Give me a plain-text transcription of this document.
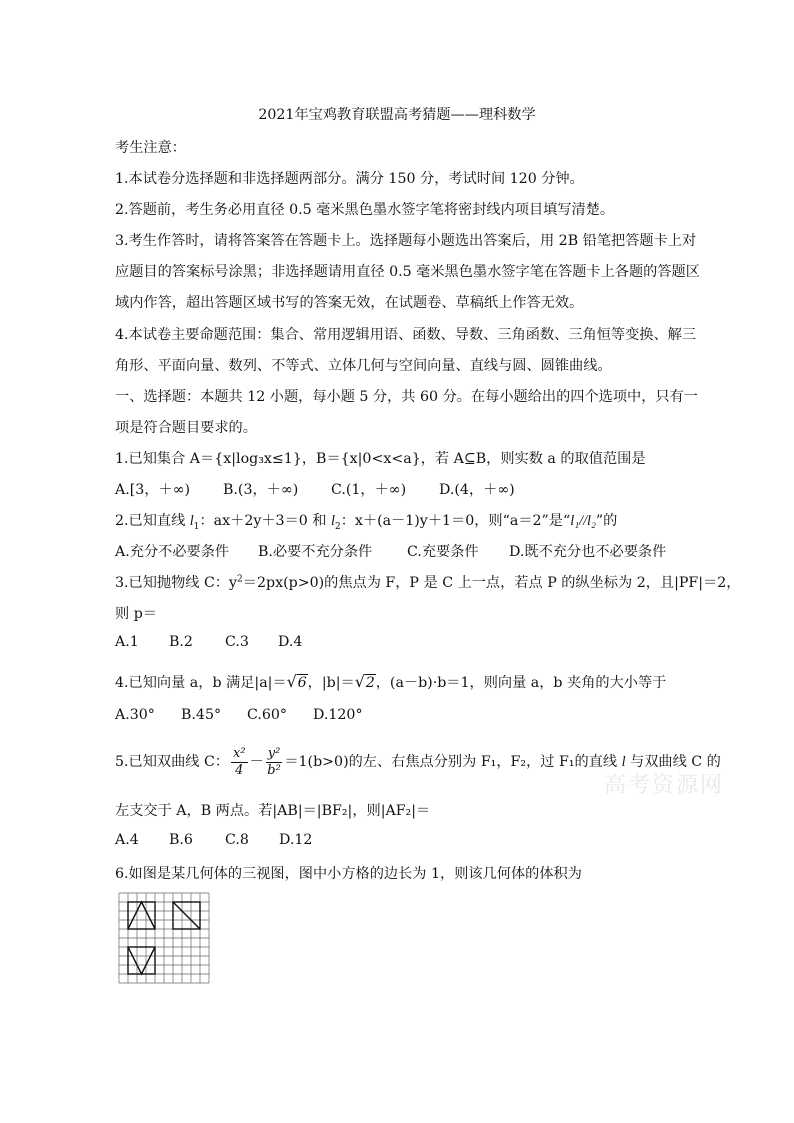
2021年宝鸡教育联盟高考猜题——理科数学
考生注意：
1.本试卷分选择题和非选择题两部分。满分 150 分，考试时间 120 分钟。
2.答题前，考生务必用直径 0.5 毫米黑色墨水签字笔将密封线内项目填写清楚。
3.考生作答时，请将答案答在答题卡上。选择题每小题选出答案后，用 2B 铅笔把答题卡上对
应题目的答案标号涂黑；非选择题请用直径 0.5 毫米黑色墨水签字笔在答题卡上各题的答题区
域内作答，超出答题区域书写的答案无效，在试题卷、草稿纸上作答无效。
4.本试卷主要命题范围：集合、常用逻辑用语、函数、导数、三角函数、三角恒等变换、解三
角形、平面向量、数列、不等式、立体几何与空间向量、直线与圆、圆锥曲线。
一、选择题：本题共 12 小题，每小题 5 分，共 60 分。在每小题给出的四个选项中，只有一
项是符合题目要求的。
1.已知集合 A＝{x|log₃x≤1}，B＝{x|0<x<a}，若 A⊆B，则实数 a 的取值范围是
A.[3，＋∞) B.(3，＋∞) C.(1，＋∞) D.(4，＋∞)
2.已知直线 $l_1$：ax＋2y＋3＝0 和 $l_2$：x＋(a－1)y＋1＝0，则“a＝2”是“l₁//l₂”的
A.充分不必要条件 B.必要不充分条件 C.充要条件 D.既不充分也不必要条件
3.已知抛物线 C：$y^2=2px(p>0)$的焦点为 F，P 是 C 上一点，若点 P 的纵坐标为 2，且|PF|＝2，
则 p＝
A.1 B.2 C.3 D.4
4.已知向量 a，b 满足|a|＝ √ 6，|b|＝ √ 2，(a－b)·b＝1，则向量 a，b 夹角的大小等于
A.30° B.45° C.60° D.120°
5.已知双曲线 C： $\frac{\text{x²}}{4} - \frac{\text{y²}}{\text{b²}} =1(b>0)$的左、右焦点分别为 F₁，F₂，过 F₁的直线 l 与双曲线 C 的
左支交于 A，B 两点。若|AB|＝|BF₂|，则|AF₂|＝
A.4 B.6 C.8 D.12
高考资源网
6.如图是某几何体的三视图，图中小方格的边长为 1，则该几何体的体积为
